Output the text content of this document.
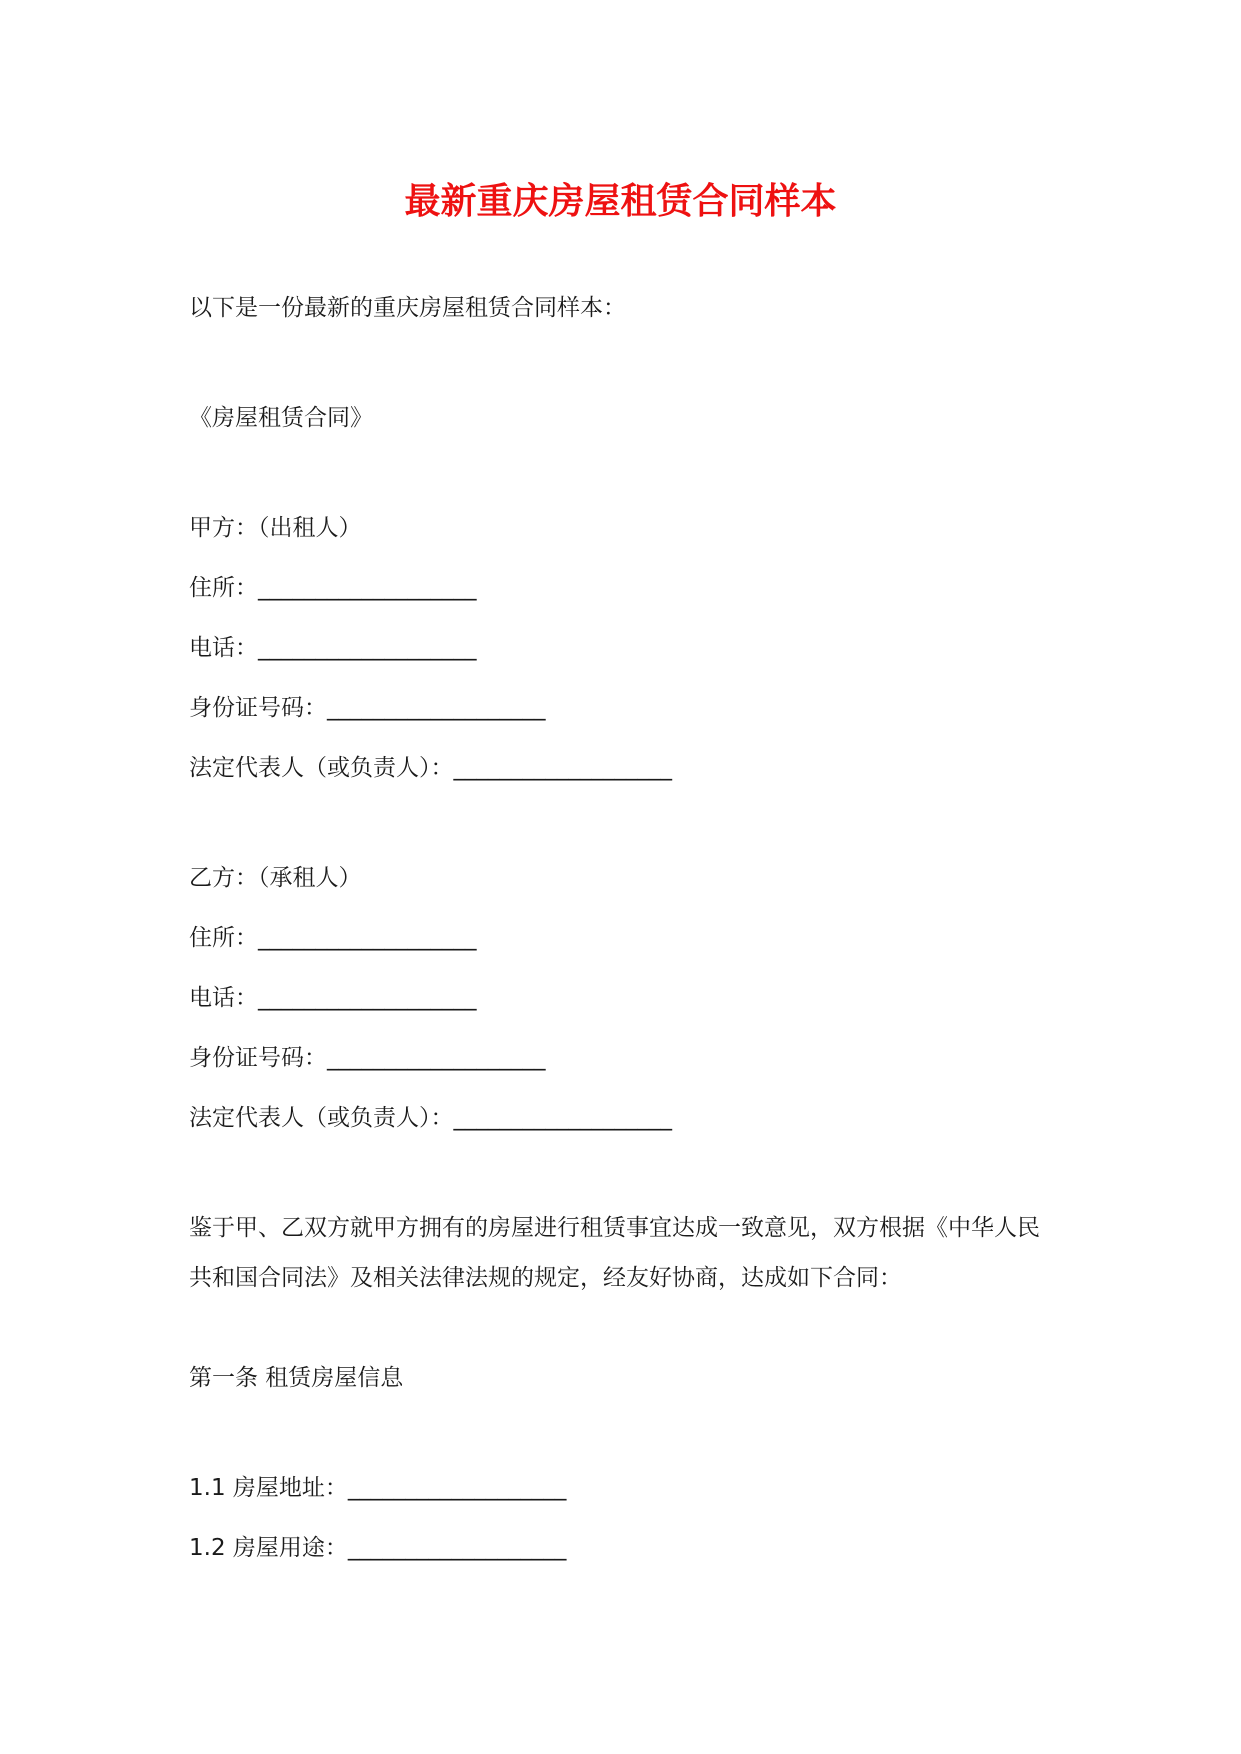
最新重庆房屋租赁合同样本
以下是一份最新的重庆房屋租赁合同样本：
《房屋租赁合同》
甲方：（出租人）
住所：___________________
电话：___________________
身份证号码：___________________
法定代表人（或负责人）：___________________
乙方：（承租人）
住所：___________________
电话：___________________
身份证号码：___________________
法定代表人（或负责人）：___________________
鉴于甲、乙双方就甲方拥有的房屋进行租赁事宜达成一致意见，双方根据《中华人民
共和国合同法》及相关法律法规的规定，经友好协商，达成如下合同：
第一条 租赁房屋信息
1.1 房屋地址：___________________
1.2 房屋用途：___________________
